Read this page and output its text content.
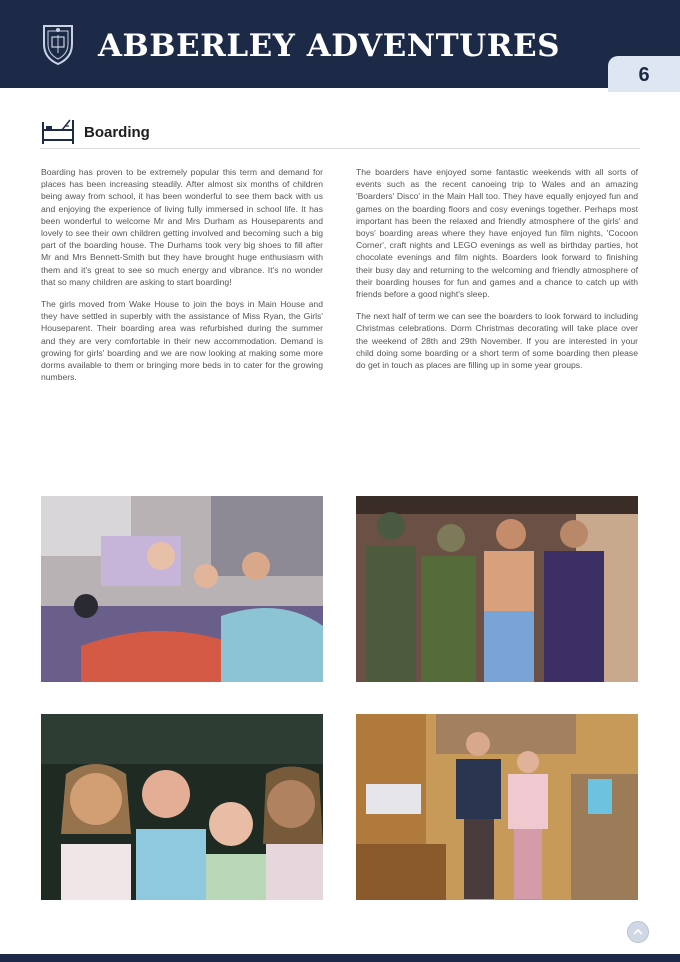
ABBERLEY ADVENTURES
6
Boarding

Boarding has proven to be extremely popular this term and demand for places has been increasing steadily. After almost six months of children being away from school, it has been wonderful to see them back with us and enjoying the experience of living fully immersed in school life. It has been wonderful to welcome Mr and Mrs Durham as Houseparents and lovely to see their own children getting involved and becoming such a big part of the boarding house. The Durhams took very big shoes to fill after Mr and Mrs Bennett-Smith but they have brought huge enthusiasm with them and it's great to see so much energy and vibrance. It's no wonder that so many children are asking to start boarding!

The girls moved from Wake House to join the boys in Main House and they have settled in superbly with the assistance of Miss Ryan, the Girls' Houseparent. Their boarding area was refurbished during the summer and they are very comfortable in their new accommodation. Demand is growing for girls' boarding and we are now looking at making some more dorms available to them or bringing more beds in to cater for the growing numbers.

The boarders have enjoyed some fantastic weekends with all sorts of events such as the recent canoeing trip to Wales and an amazing 'Boarders' Disco' in the Main Hall too. They have equally enjoyed fun and games on the boarding floors and cosy evenings together. Perhaps most important has been the relaxed and friendly atmosphere of the girls' and boys' boarding areas where they have enjoyed fun film nights, 'Cocoon Corner', craft nights and LEGO evenings as well as birthday parties, hot chocolate evenings and film nights. Boarders look forward to finishing their busy day and returning to the welcoming and friendly atmosphere of their boarding houses for fun and games and a chance to catch up with friends before a good night's sleep.

The next half of term we can see the boarders to look forward to including Christmas celebrations. Dorm Christmas decorating will take place over the weekend of 28th and 29th November. If you are interested in your child doing some boarding or a short term of some boarding then please do get in touch as places are filling up in some year groups.
